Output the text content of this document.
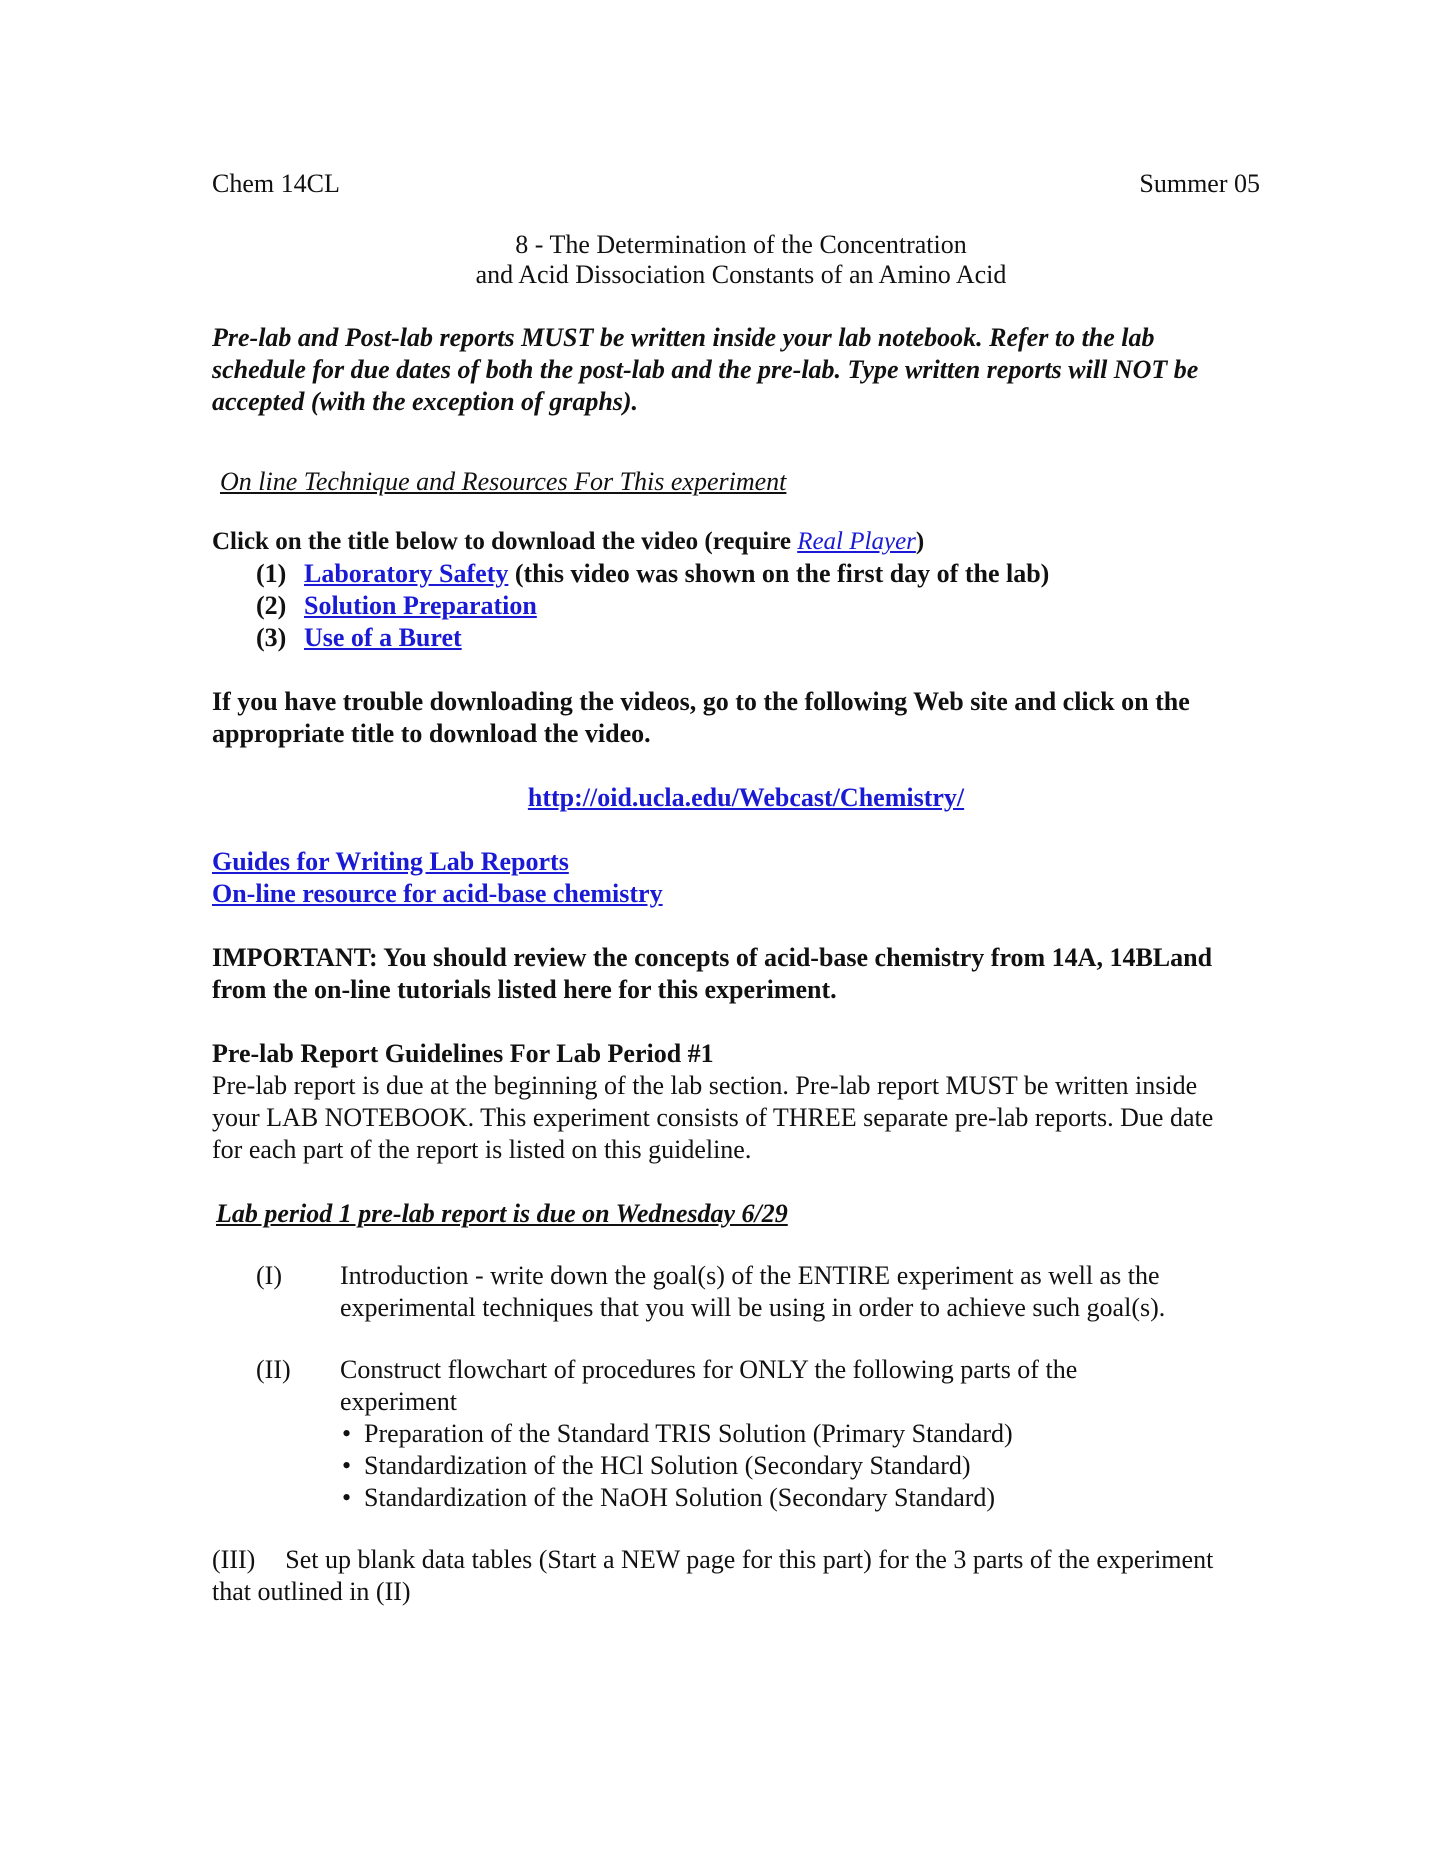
Chem 14CL	Summer 05
8 - The Determination of the Concentration
and Acid Dissociation Constants of an Amino Acid
Pre-lab and Post-lab reports MUST be written inside your lab notebook. Refer to the lab schedule for due dates of both the post-lab and the pre-lab. Type written reports will NOT be accepted (with the exception of graphs).
On line Technique and Resources For This experiment
Click on the title below to download the video (require Real Player)
(1) Laboratory Safety (this video was shown on the first day of the lab)
(2) Solution Preparation
(3) Use of a Buret
If you have trouble downloading the videos, go to the following Web site and click on the appropriate title to download the video.
http://oid.ucla.edu/Webcast/Chemistry/
Guides for Writing Lab Reports
On-line resource for acid-base chemistry
IMPORTANT: You should review the concepts of acid-base chemistry from 14A, 14BLand from the on-line tutorials listed here for this experiment.
Pre-lab Report Guidelines For Lab Period #1
Pre-lab report is due at the beginning of the lab section. Pre-lab report MUST be written inside your LAB NOTEBOOK. This experiment consists of THREE separate pre-lab reports. Due date for each part of the report is listed on this guideline.
Lab period 1 pre-lab report is due on Wednesday 6/29
(I)	Introduction - write down the goal(s) of the ENTIRE experiment as well as the experimental techniques that you will be using in order to achieve such goal(s).
(II)	Construct flowchart of procedures for ONLY the following parts of the experiment
• Preparation of the Standard TRIS Solution (Primary Standard)
• Standardization of the HCl Solution (Secondary Standard)
• Standardization of the NaOH Solution (Secondary Standard)
(III) Set up blank data tables (Start a NEW page for this part) for the 3 parts of the experiment that outlined in (II)
